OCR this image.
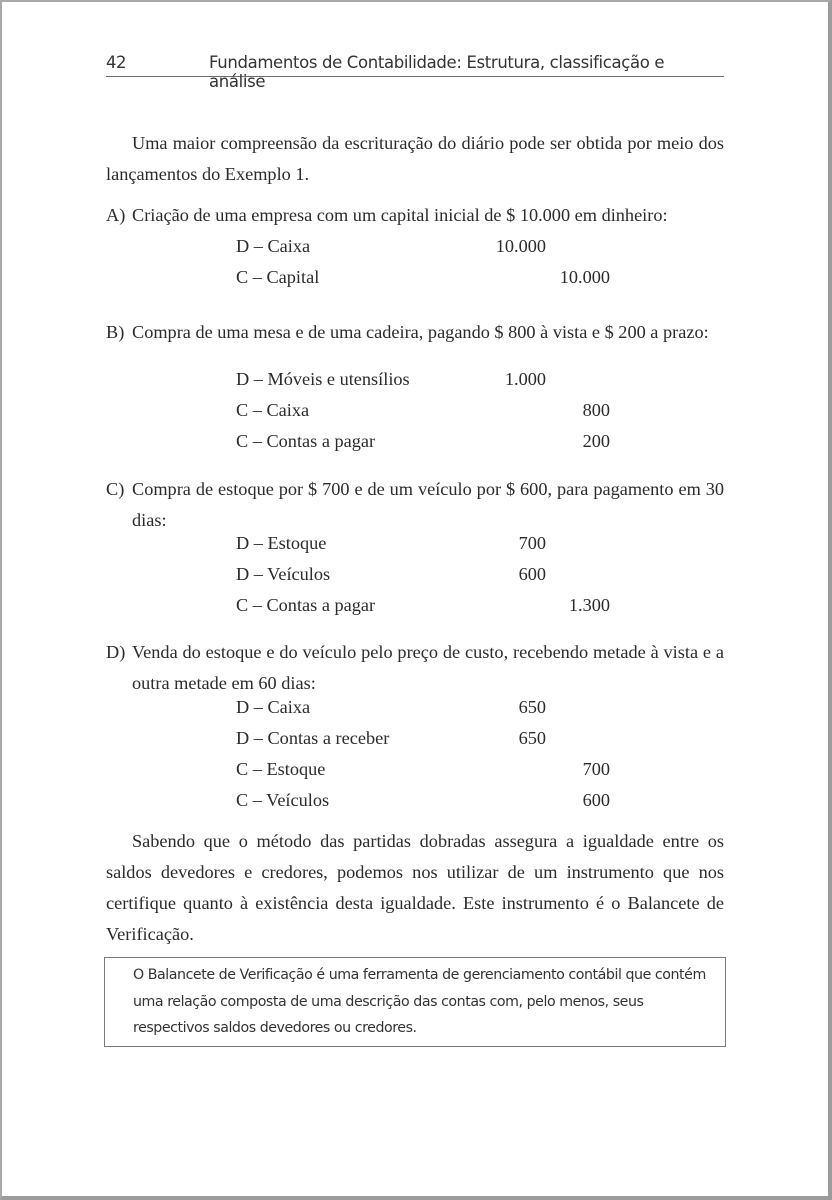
42	Fundamentos de Contabilidade: Estrutura, classificação e análise

Uma maior compreensão da escrituração do diário pode ser obtida por meio dos lançamentos do Exemplo 1.

A) Criação de uma empresa com um capital inicial de $ 10.000 em dinheiro:
D – Caixa	10.000
C – Capital	10.000
B) Compra de uma mesa e de uma cadeira, pagando $ 800 à vista e $ 200 a prazo:
D – Móveis e utensílios	1.000
C – Caixa	800
C – Contas a pagar	200
C) Compra de estoque por $ 700 e de um veículo por $ 600, para pagamento em 30 dias:
D – Estoque	700
D – Veículos	600
C – Contas a pagar	1.300
D) Venda do estoque e do veículo pelo preço de custo, recebendo metade à vista e a outra metade em 60 dias:
D – Caixa	650
D – Contas a receber	650
C – Estoque	700
C – Veículos	600

Sabendo que o método das partidas dobradas assegura a igualdade entre os saldos devedores e credores, podemos nos utilizar de um instrumento que nos certifique quanto à existência desta igualdade. Este instrumento é o Balancete de Verificação.

O Balancete de Verificação é uma ferramenta de gerenciamento contábil que contém uma relação composta de uma descrição das contas com, pelo menos, seus respectivos saldos devedores ou credores.
